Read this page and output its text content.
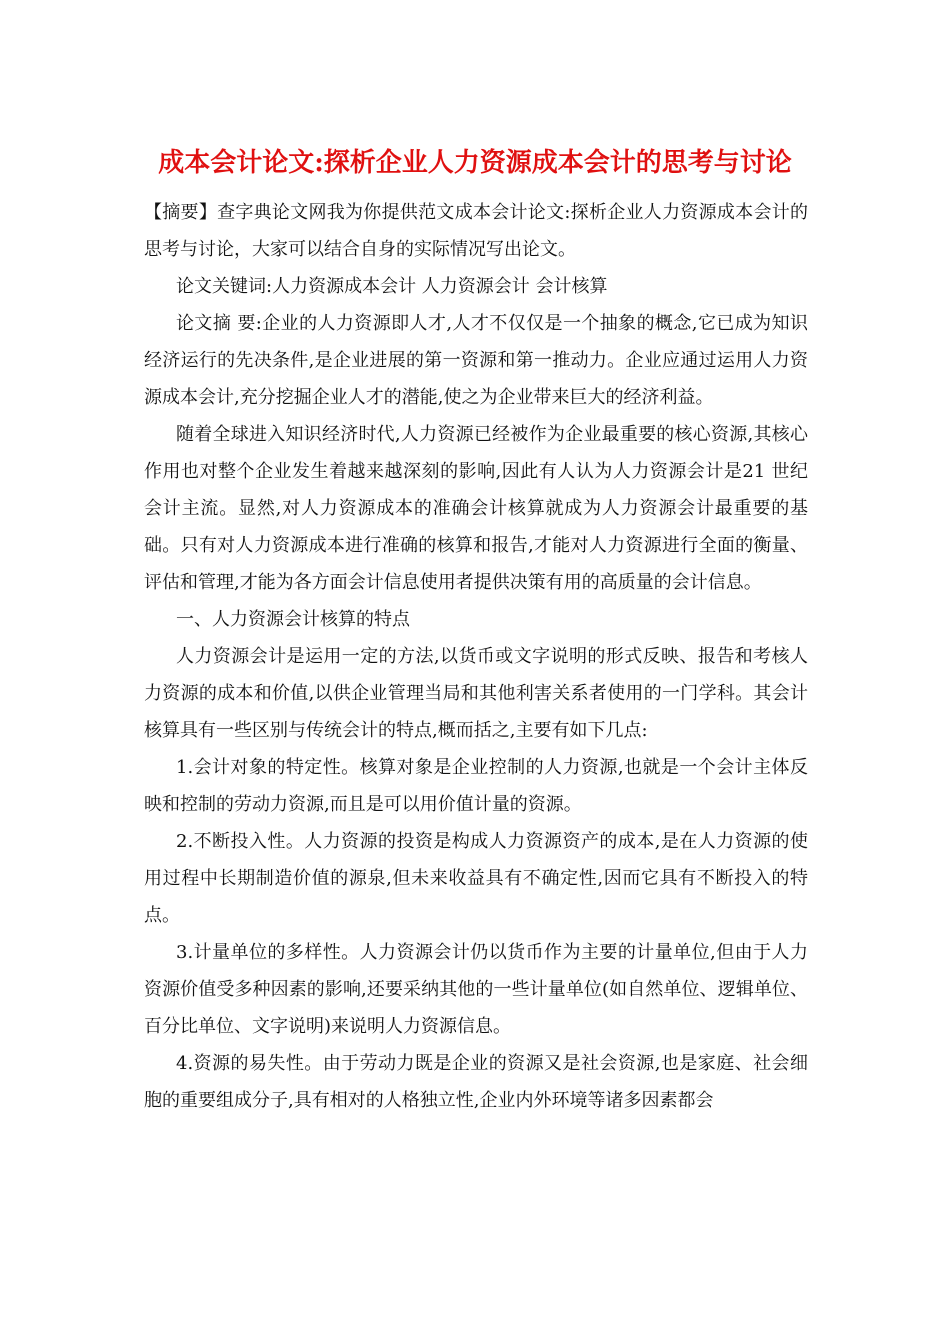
成本会计论文:探析企业人力资源成本会计的思考与讨论

【摘要】查字典论文网我为你提供范文成本会计论文:探析企业人力资源成本会计的思考与讨论，大家可以结合自身的实际情况写出论文。

论文关键词:人力资源成本会计 人力资源会计 会计核算

论文摘 要:企业的人力资源即人才,人才不仅仅是一个抽象的概念,它已成为知识经济运行的先决条件,是企业进展的第一资源和第一推动力。企业应通过运用人力资源成本会计,充分挖掘企业人才的潜能,使之为企业带来巨大的经济利益。

随着全球进入知识经济时代,人力资源已经被作为企业最重要的核心资源,其核心作用也对整个企业发生着越来越深刻的影响,因此有人认为人力资源会计是21 世纪会计主流。显然,对人力资源成本的准确会计核算就成为人力资源会计最重要的基础。只有对人力资源成本进行准确的核算和报告,才能对人力资源进行全面的衡量、评估和管理,才能为各方面会计信息使用者提供决策有用的高质量的会计信息。

一、人力资源会计核算的特点

人力资源会计是运用一定的方法,以货币或文字说明的形式反映、报告和考核人力资源的成本和价值,以供企业管理当局和其他利害关系者使用的一门学科。其会计核算具有一些区别与传统会计的特点,概而括之,主要有如下几点:

1.会计对象的特定性。核算对象是企业控制的人力资源,也就是一个会计主体反映和控制的劳动力资源,而且是可以用价值计量的资源。

2.不断投入性。人力资源的投资是构成人力资源资产的成本,是在人力资源的使用过程中长期制造价值的源泉,但未来收益具有不确定性,因而它具有不断投入的特点。

3.计量单位的多样性。人力资源会计仍以货币作为主要的计量单位,但由于人力资源价值受多种因素的影响,还要采纳其他的一些计量单位(如自然单位、逻辑单位、百分比单位、文字说明)来说明人力资源信息。

4.资源的易失性。由于劳动力既是企业的资源又是社会资源,也是家庭、社会细胞的重要组成分子,具有相对的人格独立性,企业内外环境等诸多因素都会
